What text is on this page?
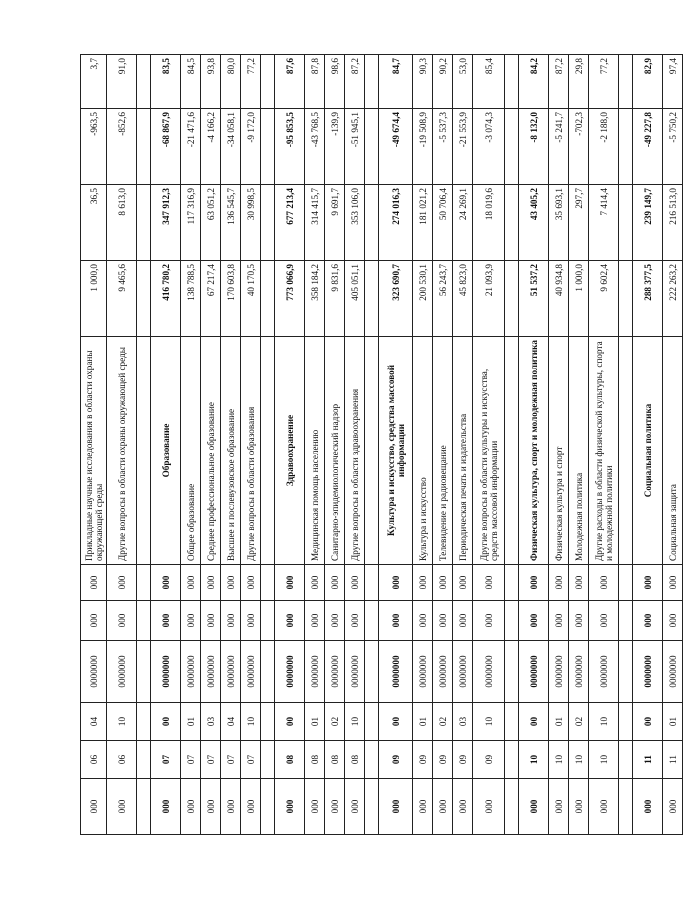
000	06	04	0000000	000	000	Прикладные научные исследования в области охраны окружающей среды	1 000,0	36,5	-963,5	3,7
000	06	10	0000000	000	000	Другие вопросы в области охраны окружающей среды	9 465,6	8 613,0	-852,6	91,0

000	07	00	0000000	000	000	Образование	416 780,2	347 912,3	-68 867,9	83,5
000	07	01	0000000	000	000	Общее образование	138 788,5	117 316,9	-21 471,6	84,5
000	07	03	0000000	000	000	Среднее профессиональное образование	67 217,4	63 051,2	-4 166,2	93,8
000	07	04	0000000	000	000	Высшее и послевузовское образование	170 603,8	136 545,7	-34 058,1	80,0
000	07	10	0000000	000	000	Другие вопросы в области образования	40 170,5	30 998,5	-9 172,0	77,2

000	08	00	0000000	000	000	Здравоохранение	773 066,9	677 213,4	-95 853,5	87,6
000	08	01	0000000	000	000	Медицинская помощь населению	358 184,2	314 415,7	-43 768,5	87,8
000	08	02	0000000	000	000	Санитарно-эпидемиологический надзор	9 831,6	9 691,7	-139,9	98,6
000	08	10	0000000	000	000	Другие вопросы в области здравоохранения	405 051,1	353 106,0	-51 945,1	87,2

000	09	00	0000000	000	000	Культура и искусство, средства массовой информации	323 690,7	274 016,3	-49 674,4	84,7
000	09	01	0000000	000	000	Культура и искусство	200 530,1	181 021,2	-19 508,9	90,3
000	09	02	0000000	000	000	Телевидение и радиовещание	56 243,7	50 706,4	-5 537,3	90,2
000	09	03	0000000	000	000	Периодическая печать и издательства	45 823,0	24 269,1	-21 553,9	53,0
000	09	10	0000000	000	000	Другие вопросы в области культуры и искусства, средств массовой информации	21 093,9	18 019,6	-3 074,3	85,4

000	10	00	0000000	000	000	Физическая культура, спорт и молодежная политика	51 537,2	43 405,2	-8 132,0	84,2
000	10	01	0000000	000	000	Физическая культура и спорт	40 934,8	35 693,1	-5 241,7	87,2
000	10	02	0000000	000	000	Молодежная политика	1 000,0	297,7	-702,3	29,8
000	10	10	0000000	000	000	Другие расходы в области физической культуры, спорта и молодежной политики	9 602,4	7 414,4	-2 188,0	77,2

000	11	00	0000000	000	000	Социальная политика	288 377,5	239 149,7	-49 227,8	82,9
000	11	01	0000000	000	000	Социальная защита	222 263,2	216 513,0	-5 750,2	97,4
